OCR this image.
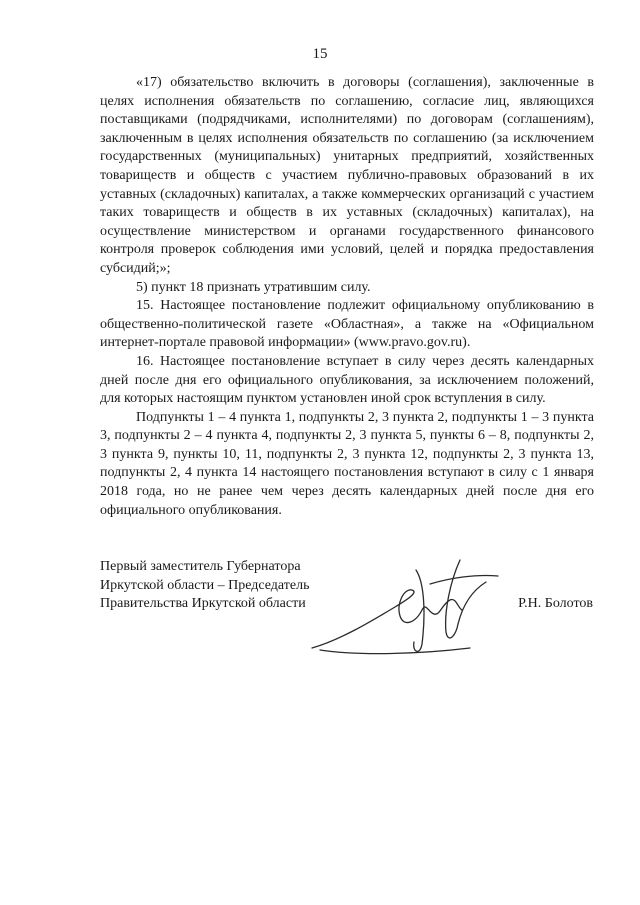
15

«17) обязательство включить в договоры (соглашения), заключенные в целях исполнения обязательств по соглашению, согласие лиц, являющихся поставщиками (подрядчиками, исполнителями) по договорам (соглашениям), заключенным в целях исполнения обязательств по соглашению (за исключением государственных (муниципальных) унитарных предприятий, хозяйственных товариществ и обществ с участием публично-правовых образований в их уставных (складочных) капиталах, а также коммерческих организаций с участием таких товариществ и обществ в их уставных (складочных) капиталах), на осуществление министерством и органами государственного финансового контроля проверок соблюдения ими условий, целей и порядка предоставления субсидий;»;

5) пункт 18 признать утратившим силу.

15. Настоящее постановление подлежит официальному опубликованию в общественно-политической газете «Областная», а также на «Официальном интернет-портале правовой информации» (www.pravo.gov.ru).

16. Настоящее постановление вступает в силу через десять календарных дней после дня его официального опубликования, за исключением положений, для которых настоящим пунктом установлен иной срок вступления в силу.

Подпункты 1 – 4 пункта 1, подпункты 2, 3 пункта 2, подпункты 1 – 3 пункта 3, подпункты 2 – 4 пункта 4, подпункты 2, 3 пункта 5, пункты 6 – 8, подпункты 2, 3 пункта 9, пункты 10, 11, подпункты 2, 3 пункта 12, подпункты 2, 3 пункта 13, подпункты 2, 4 пункта 14 настоящего постановления вступают в силу с 1 января 2018 года, но не ранее чем через десять календарных дней после дня его официального опубликования.

Первый заместитель Губернатора
Иркутской области – Председатель
Правительства Иркутской области	Р.Н. Болотов
